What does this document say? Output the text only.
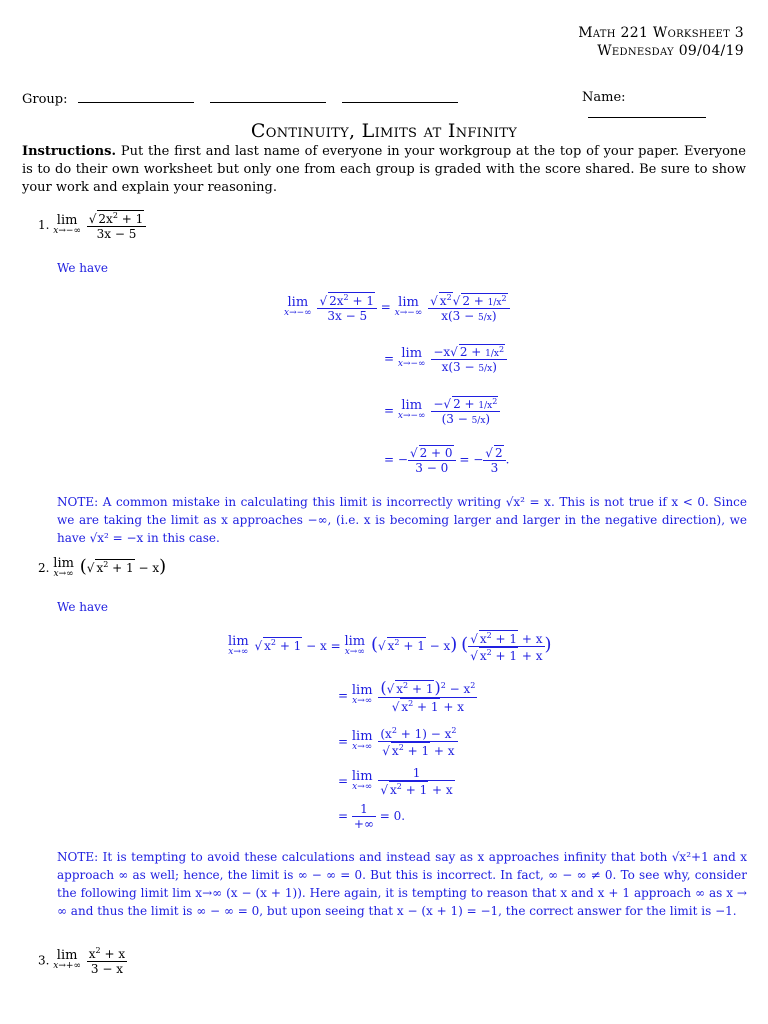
Math 221 Worksheet 3
Wednesday 09/04/19
Group:	Name:
Continuity, Limits at Infinity
Instructions. Put the first and last name of everyone in your workgroup at the top of your paper. Everyone is to do their own worksheet but only one from each group is graded with the score shared. Be sure to show your work and explain your reasoning.
1. lim
x→−∞
$\frac{√ 2x^2 + 1}{3x - 5}$
We have
lim
x→−∞
$\frac{√ 2x^2 + 1}{3x - 5} = \lim$
x→−∞
$\frac{√ x^2√ 2 + 1/x^2}{x(3 - 5/x)}$
= lim
x→−∞
$\frac{-x√ 2 + 1/x^2}{x(3 - 5/x)}$
= lim
x→−∞
$\frac{-√ 2 + 1/x^2}{(3 - 5/x)}$
= − $\frac{√ 2 + 0}{3 - 0}$ = − $\frac{√ 2}{3}$ .
NOTE: A common mistake in calculating this limit is incorrectly writing √x² = x. This is not true if x < 0. Since we are taking the limit as x approaches −∞, (i.e. x is becoming larger and larger in the negative direction), we have √x² = −x in this case.
2. lim
x→∞ (√ $x^2 + 1 - x$)
We have
lim
x→∞ √ $x^2 + 1 - x = \lim$
x→∞ (√ $x^2 + 1 - x$) ( $\frac{√ x^2 + 1 + x}{√ x^2 + 1 + x}$ )
= lim
x→∞
$\frac{(√ x^2 + 1)^2 - x^2}{√ x^2 + 1 + x}$
= lim
x→∞
$\frac{(x^2 + 1) - x^2}{√ x^2 + 1 + x}$
= lim
x→∞
$\frac{1}{√ x^2 + 1 + x}$
= $\frac{1}{+\infty} = 0$.
NOTE: It is tempting to avoid these calculations and instead say as x approaches infinity that both √x²+1 and x approach ∞ as well; hence, the limit is ∞ − ∞ = 0. But this is incorrect. In fact, ∞ − ∞ ≠ 0. To see why, consider the following limit lim x→∞ (x − (x + 1)). Here again, it is tempting to reason that x and x + 1 approach ∞ as x → ∞ and thus the limit is ∞ − ∞ = 0, but upon seeing that x − (x + 1) = −1, the correct answer for the limit is −1.
3. lim
x→+∞
$\frac{x^2 + x}{3 - x}$
